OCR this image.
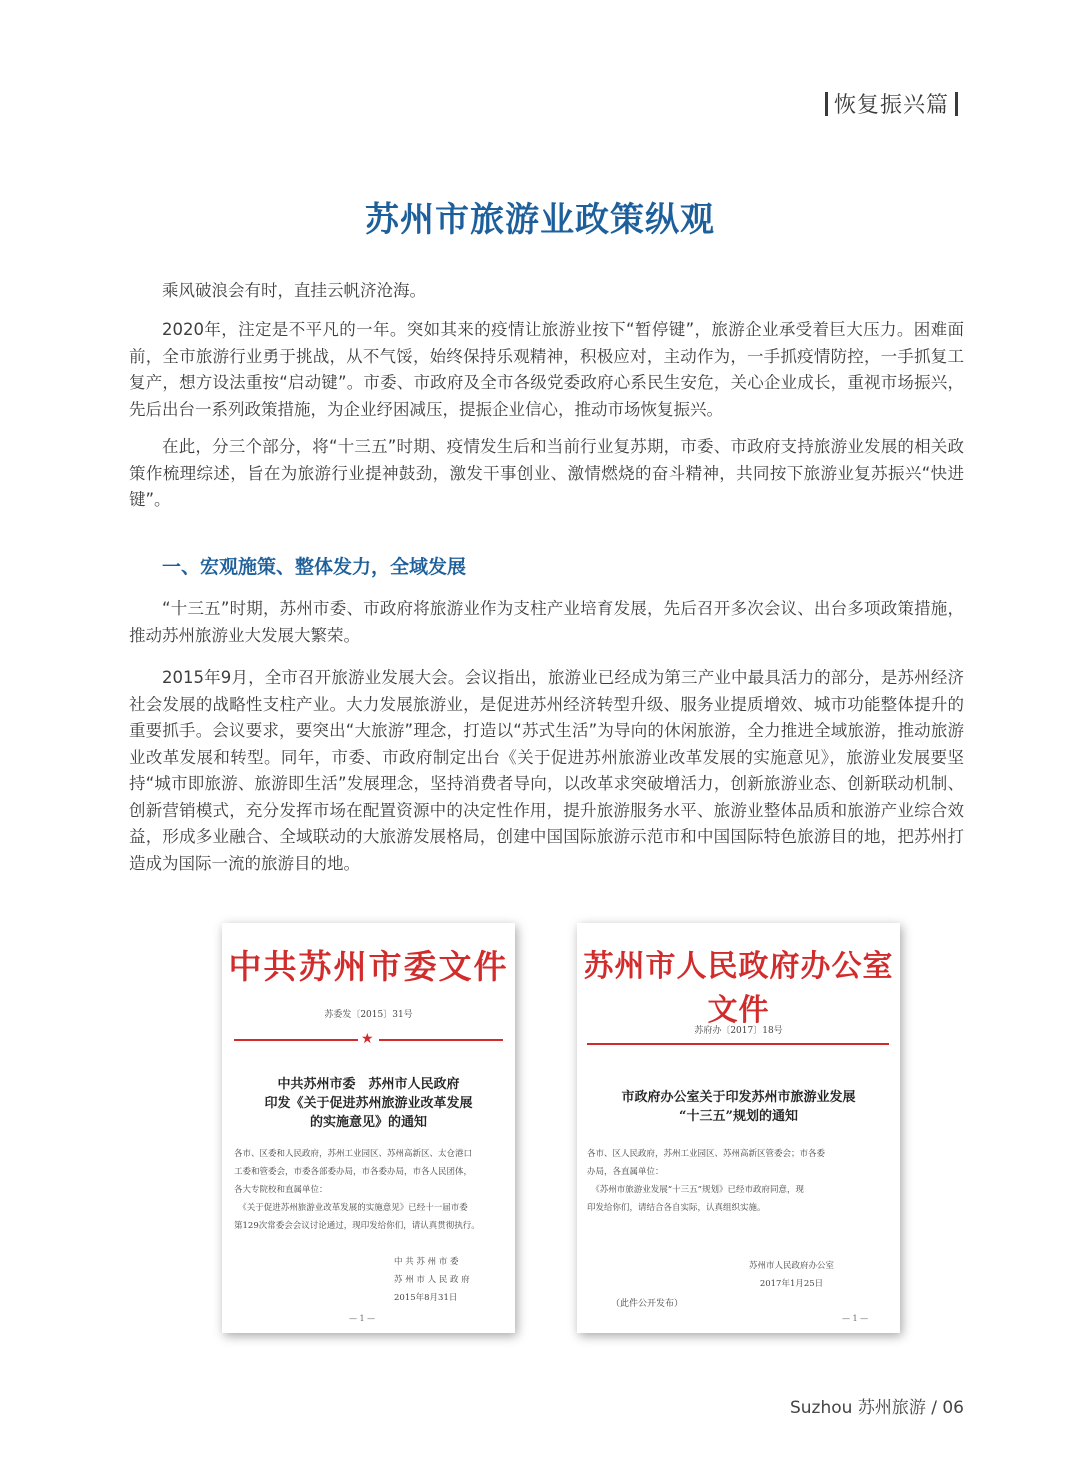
恢复振兴篇
苏州市旅游业政策纵观

乘风破浪会有时，直挂云帆济沧海。

2020年，注定是不平凡的一年。突如其来的疫情让旅游业按下“暂停键”，旅游企业承受着巨大压力。困难面前，全市旅游行业勇于挑战，从不气馁，始终保持乐观精神，积极应对，主动作为，一手抓疫情防控，一手抓复工复产，想方设法重按“启动键”。市委、市政府及全市各级党委政府心系民生安危，关心企业成长，重视市场振兴，先后出台一系列政策措施，为企业纾困减压，提振企业信心，推动市场恢复振兴。

在此，分三个部分，将“十三五”时期、疫情发生后和当前行业复苏期，市委、市政府支持旅游业发展的相关政策作梳理综述，旨在为旅游行业提神鼓劲，激发干事创业、激情燃烧的奋斗精神，共同按下旅游业复苏振兴“快进键”。

一、宏观施策、整体发力，全域发展

“十三五”时期，苏州市委、市政府将旅游业作为支柱产业培育发展，先后召开多次会议、出台多项政策措施，推动苏州旅游业大发展大繁荣。

2015年9月，全市召开旅游业发展大会。会议指出，旅游业已经成为第三产业中最具活力的部分，是苏州经济社会发展的战略性支柱产业。大力发展旅游业，是促进苏州经济转型升级、服务业提质增效、城市功能整体提升的重要抓手。会议要求，要突出“大旅游”理念，打造以“苏式生活”为导向的休闲旅游，全力推进全域旅游，推动旅游业改革发展和转型。同年，市委、市政府制定出台《关于促进苏州旅游业改革发展的实施意见》，旅游业发展要坚持“城市即旅游、旅游即生活”发展理念，坚持消费者导向，以改革求突破增活力，创新旅游业态、创新联动机制、创新营销模式，充分发挥市场在配置资源中的决定性作用，提升旅游服务水平、旅游业整体品质和旅游产业综合效益，形成多业融合、全域联动的大旅游发展格局，创建中国国际旅游示范市和中国国际特色旅游目的地，把苏州打造成为国际一流的旅游目的地。

中共苏州市委文件
苏委发〔2015〕31号
★
中共苏州市委　苏州市人民政府
印发《关于促进苏州旅游业改革发展
的实施意见》的通知
各市、区委和人民政府，苏州工业园区、苏州高新区、太仓港口
工委和管委会，市委各部委办局，市各委办局，市各人民团体，
各大专院校和直属单位：
　《关于促进苏州旅游业改革发展的实施意见》已经十一届市委
第129次常委会会议讨论通过，现印发给你们，请认真贯彻执行。
中 共 苏 州 市 委
苏 州 市 人 民 政 府
2015年8月31日
— 1 —
苏州市人民政府办公室文件
苏府办〔2017〕18号
市政府办公室关于印发苏州市旅游业发展
“十三五”规划的通知
各市、区人民政府，苏州工业园区、苏州高新区管委会；市各委
办局，各直属单位：
　《苏州市旅游业发展“十三五”规划》已经市政府同意，现
印发给你们，请结合各自实际，认真组织实施。
苏州市人民政府办公室
2017年1月25日
（此件公开发布）
— 1 —
Suzhou 苏州旅游 / 06
